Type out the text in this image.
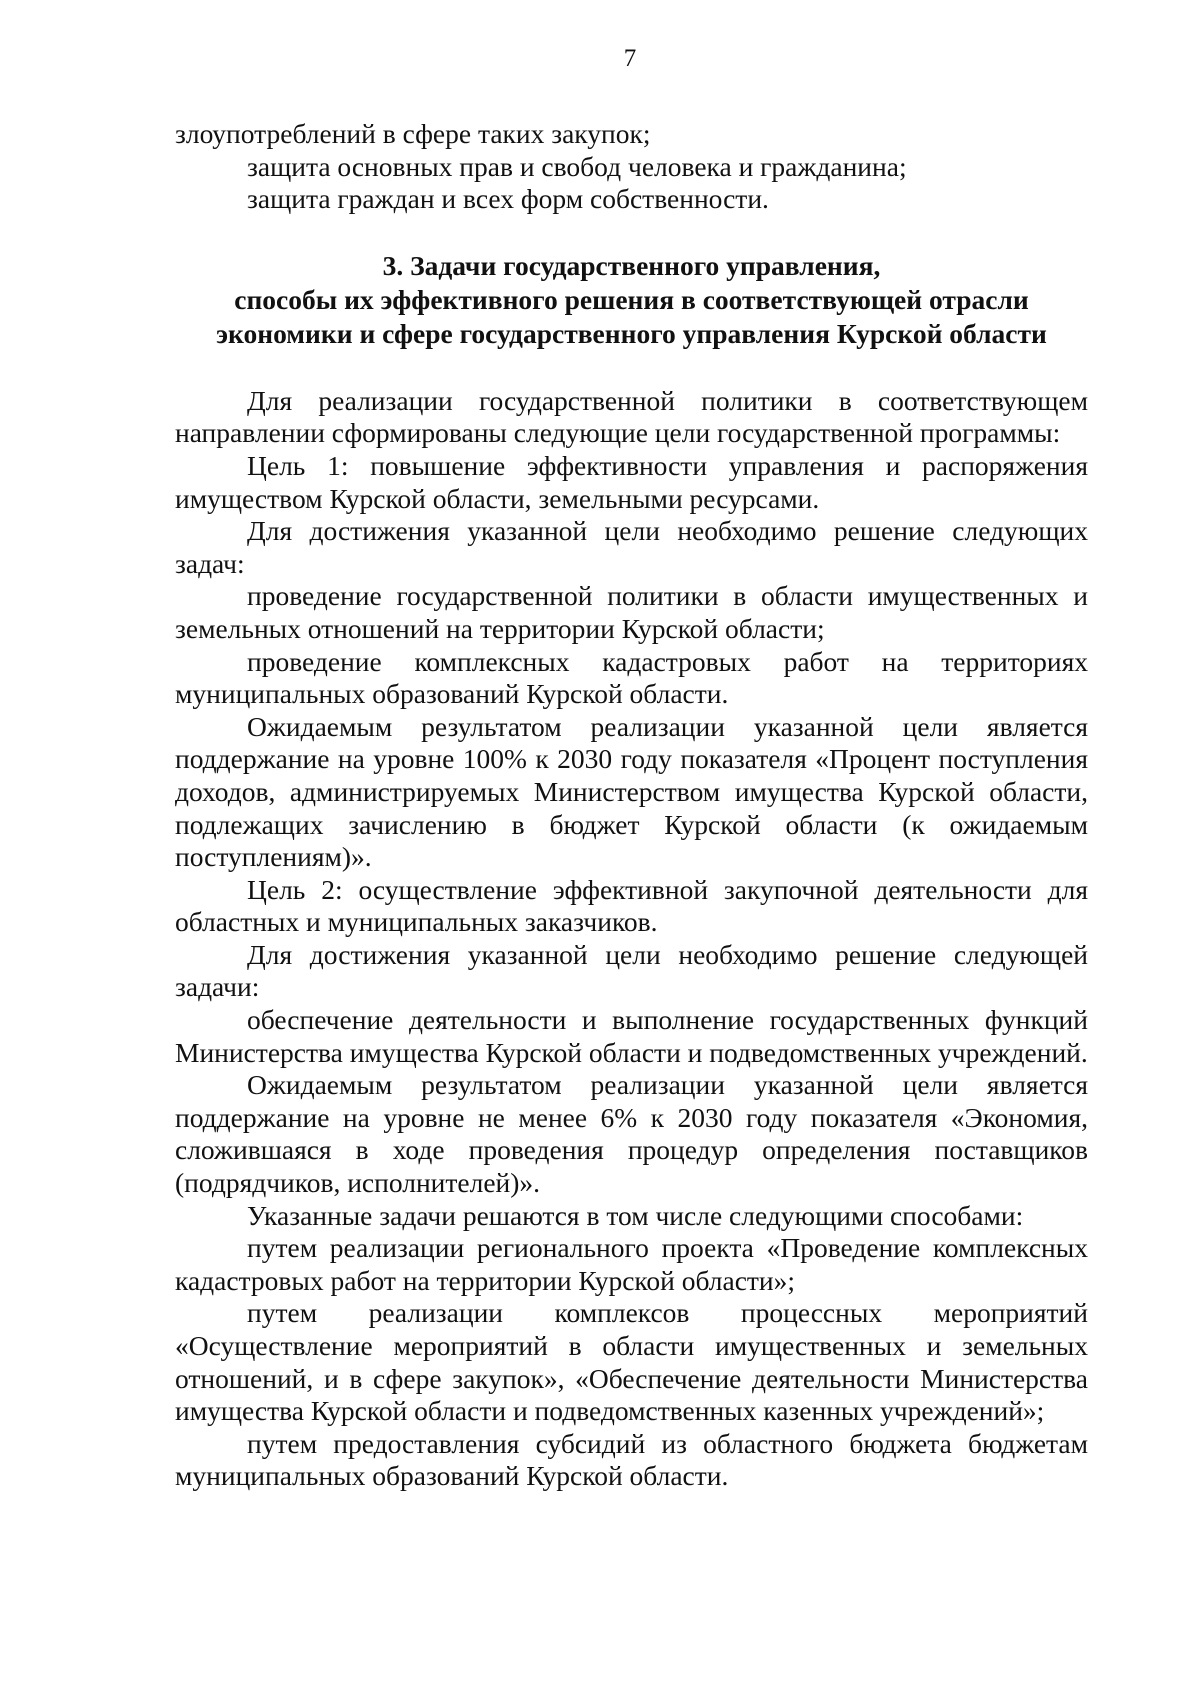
7

злоупотреблений в сфере таких закупок;

защита основных прав и свобод человека и гражданина;

защита граждан и всех форм собственности.

3. Задачи государственного управления,
способы их эффективного решения в соответствующей отрасли
экономики и сфере государственного управления Курской области

Для реализации государственной политики в соответствующем направлении сформированы следующие цели государственной программы:

Цель 1: повышение эффективности управления и распоряжения имуществом Курской области, земельными ресурсами.

Для достижения указанной цели необходимо решение следующих задач:

проведение государственной политики в области имущественных и земельных отношений на территории Курской области;

проведение комплексных кадастровых работ на территориях муниципальных образований Курской области.

Ожидаемым результатом реализации указанной цели является поддержание на уровне 100% к 2030 году показателя «Процент поступления доходов, администрируемых Министерством имущества Курской области, подлежащих зачислению в бюджет Курской области (к ожидаемым поступлениям)».

Цель 2: осуществление эффективной закупочной деятельности для областных и муниципальных заказчиков.

Для достижения указанной цели необходимо решение следующей задачи:

обеспечение деятельности и выполнение государственных функций Министерства имущества Курской области и подведомственных учреждений.

Ожидаемым результатом реализации указанной цели является поддержание на уровне не менее 6% к 2030 году показателя «Экономия, сложившаяся в ходе проведения процедур определения поставщиков (подрядчиков, исполнителей)».

Указанные задачи решаются в том числе следующими способами:

путем реализации регионального проекта «Проведение комплексных кадастровых работ на территории Курской области»;

путем реализации комплексов процессных мероприятий «Осуществление мероприятий в области имущественных и земельных отношений, и в сфере закупок», «Обеспечение деятельности Министерства имущества Курской области и подведомственных казенных учреждений»;

путем предоставления субсидий из областного бюджета бюджетам муниципальных образований Курской области.
